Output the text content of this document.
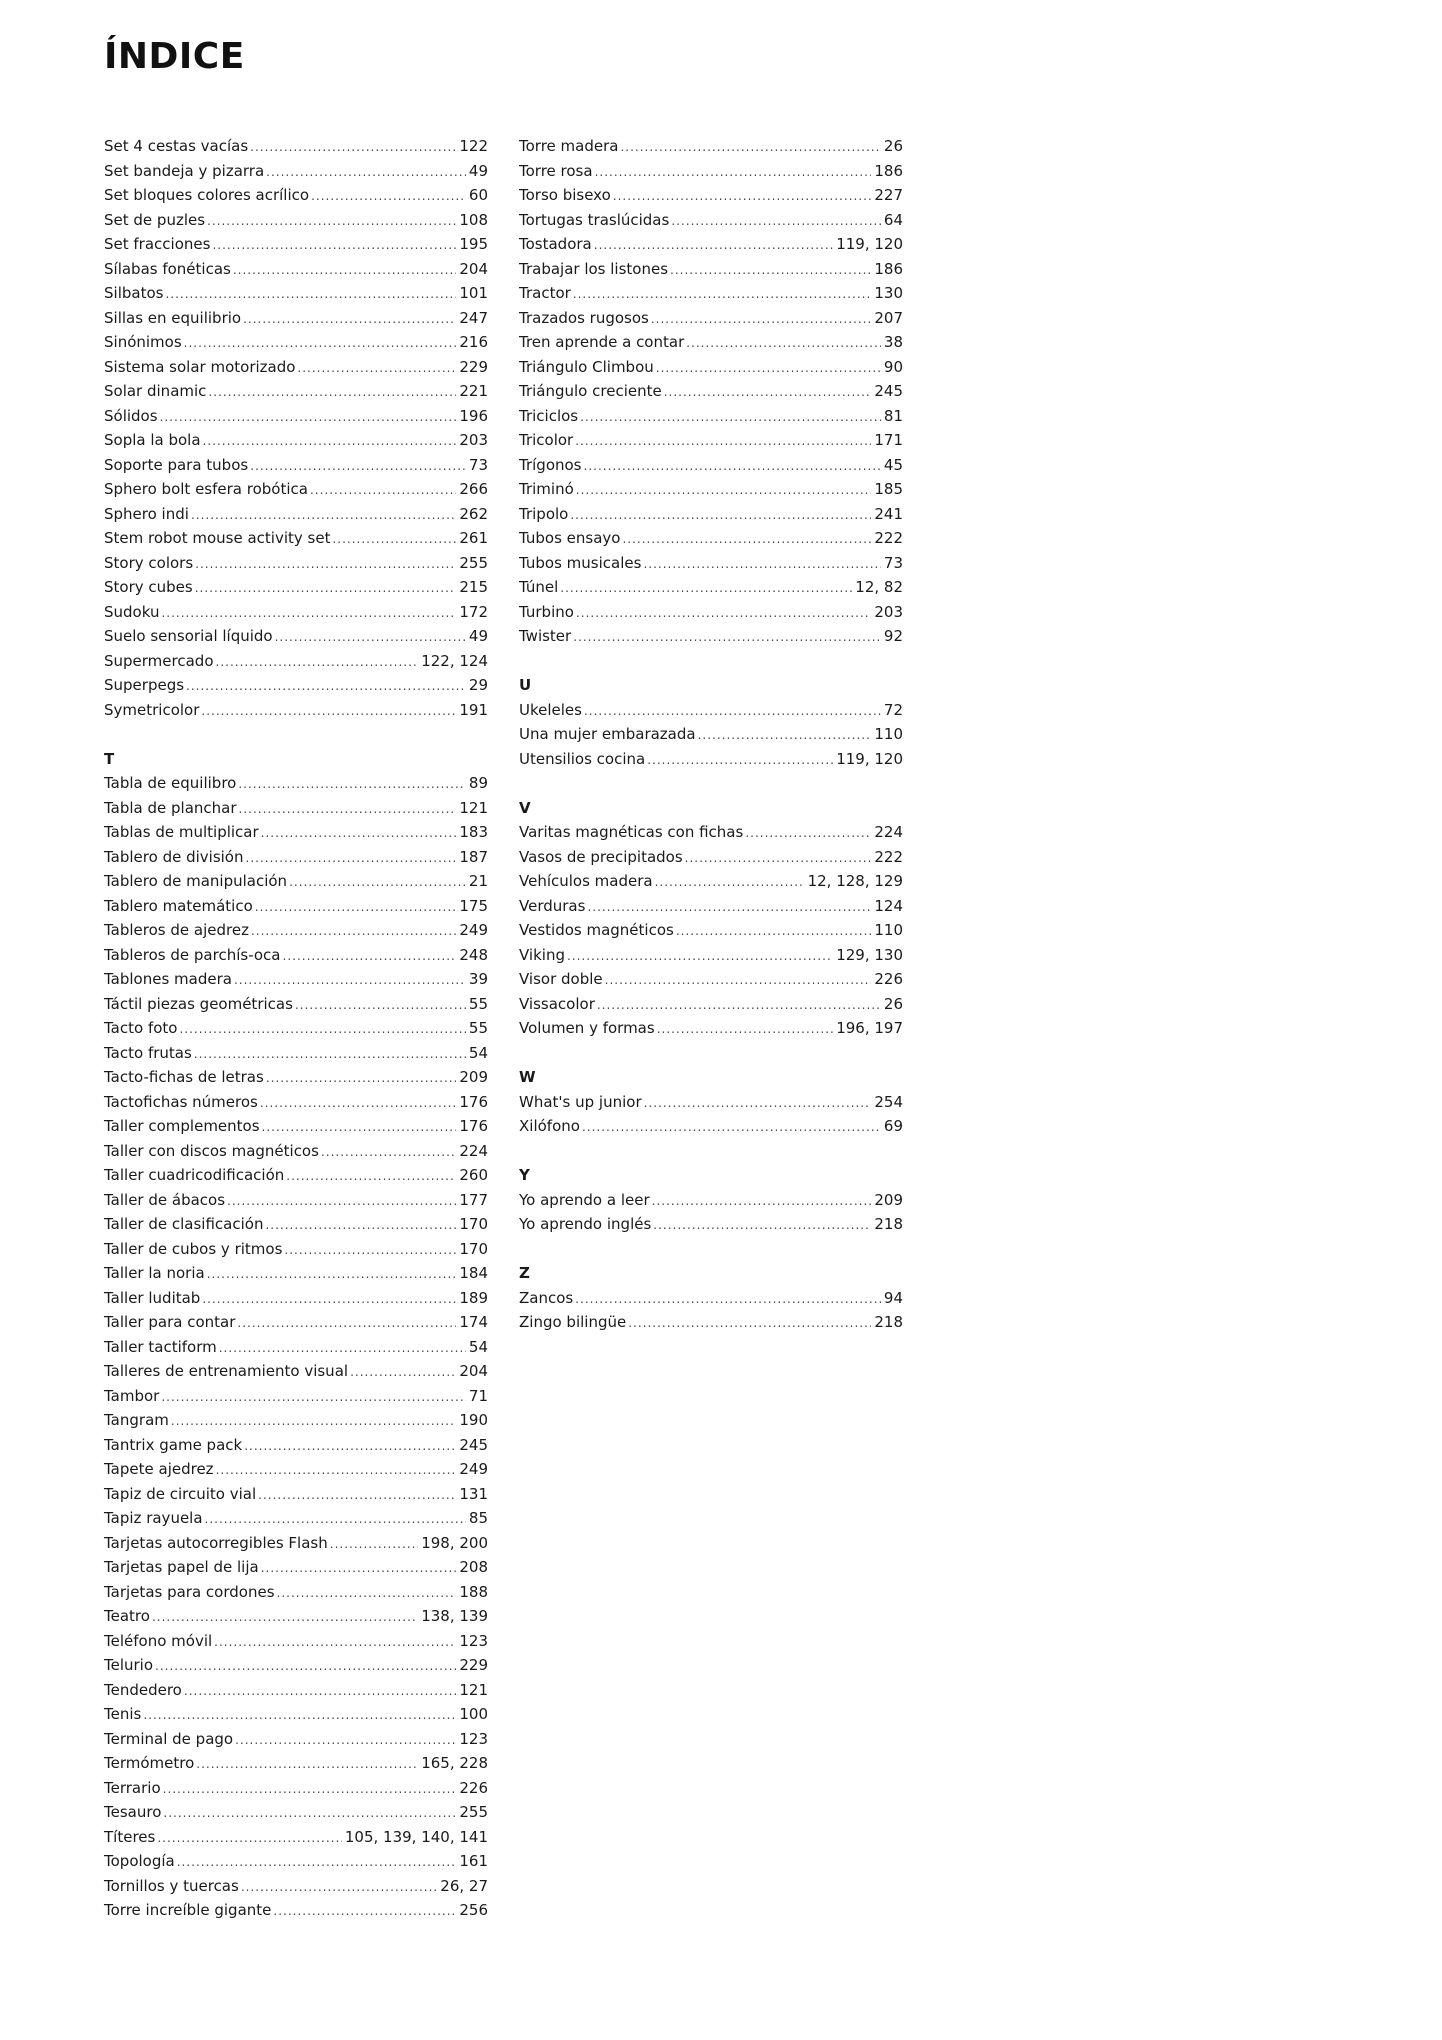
ÍNDICE
Set 4 cestas vacías .....	122
Set bandeja y pizarra .....	49
Set bloques colores acrílico .....	60
Set de puzles .....	108
Set fracciones .....	195
Sílabas fonéticas .....	204
Silbatos .....	101
Sillas en equilibrio .....	247
Sinónimos .....	216
Sistema solar motorizado .....	229
Solar dinamic .....	221
Sólidos .....	196
Sopla la bola .....	203
Soporte para tubos .....	73
Sphero bolt esfera robótica .....	266
Sphero indi .....	262
Stem robot mouse activity set .....	261
Story colors .....	255
Story cubes .....	215
Sudoku .....	172
Suelo sensorial líquido .....	49
Supermercado .....	122, 124
Superpegs .....	29
Symetricolor .....	191
T
Tabla de equilibro .....	89
Tabla de planchar .....	121
Tablas de multiplicar .....	183
Tablero de división .....	187
Tablero de manipulación .....	21
Tablero matemático .....	175
Tableros de ajedrez .....	249
Tableros de parchís-oca .....	248
Tablones madera .....	39
Táctil piezas geométricas .....	55
Tacto foto .....	55
Tacto frutas .....	54
Tacto-fichas de letras .....	209
Tactofichas números .....	176
Taller complementos .....	176
Taller con discos magnéticos .....	224
Taller cuadricodificación .....	260
Taller de ábacos .....	177
Taller de clasificación .....	170
Taller de cubos y ritmos .....	170
Taller la noria .....	184
Taller luditab .....	189
Taller para contar .....	174
Taller tactiform .....	54
Talleres de entrenamiento visual .....	204
Tambor .....	71
Tangram .....	190
Tantrix game pack .....	245
Tapete ajedrez .....	249
Tapiz de circuito vial .....	131
Tapiz rayuela .....	85
Tarjetas autocorregibles Flash .....	198, 200
Tarjetas papel de lija .....	208
Tarjetas para cordones .....	188
Teatro .....	138, 139
Teléfono móvil .....	123
Telurio .....	229
Tendedero .....	121
Tenis .....	100
Terminal de pago .....	123
Termómetro .....	165, 228
Terrario .....	226
Tesauro .....	255
Títeres .....	105, 139, 140, 141
Topología .....	161
Tornillos y tuercas .....	26, 27
Torre increíble gigante .....	256
Torre madera .....	26
Torre rosa .....	186
Torso bisexo .....	227
Tortugas traslúcidas .....	64
Tostadora .....	119, 120
Trabajar los listones .....	186
Tractor .....	130
Trazados rugosos .....	207
Tren aprende a contar .....	38
Triángulo Climbou .....	90
Triángulo creciente .....	245
Triciclos .....	81
Tricolor .....	171
Trígonos .....	45
Triminó .....	185
Tripolo .....	241
Tubos ensayo .....	222
Tubos musicales .....	73
Túnel .....	12, 82
Turbino .....	203
Twister .....	92
U
Ukeleles .....	72
Una mujer embarazada .....	110
Utensilios cocina .....	119, 120
V
Varitas magnéticas con fichas .....	224
Vasos de precipitados .....	222
Vehículos madera .....	12, 128, 129
Verduras .....	124
Vestidos magnéticos .....	110
Viking .....	129, 130
Visor doble .....	226
Vissacolor .....	26
Volumen y formas .....	196, 197
W
What's up junior .....	254
Xilófono .....	69
Y
Yo aprendo a leer .....	209
Yo aprendo inglés .....	218
Z
Zancos .....	94
Zingo bilingüe .....	218
